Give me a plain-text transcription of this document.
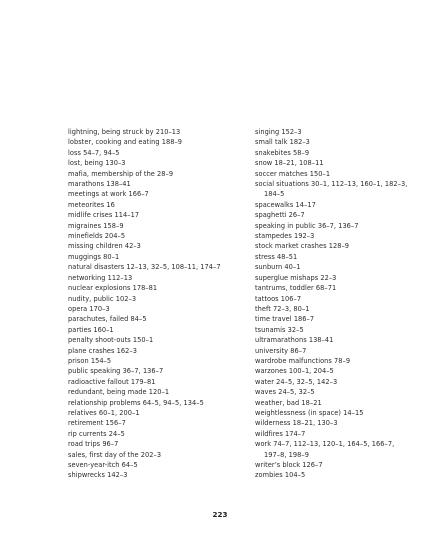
lightning, being struck by 210–13
lobster, cooking and eating 188–9
loss 54–7, 94–5
lost, being 130–3
mafia, membership of the 28–9
marathons 138–41
meetings at work 166–7
meteorites 16
midlife crises 114–17
migraines 158–9
minefields 204–5
missing children 42–3
muggings 80–1
natural disasters 12–13, 32–5, 108–11, 174–7
networking 112–13
nuclear explosions 178–81
nudity, public 102–3
opera 170–3
parachutes, failed 84–5
parties 160–1
penalty shoot-outs 150–1
plane crashes 162–3
prison 154–5
public speaking 36–7, 136–7
radioactive fallout 179–81
redundant, being made 120–1
relationship problems 64–5, 94–5, 134–5
relatives 60–1, 200–1
retirement 156–7
rip currents 24–5
road trips 96–7
sales, first day of the 202–3
seven-year-itch 64–5
shipwrecks 142–3
singing 152–3
small talk 182–3
snakebites 58–9
snow 18–21, 108–11
soccer matches 150–1
social situations 30–1, 112–13, 160–1, 182–3,
184–5
spacewalks 14–17
spaghetti 26–7
speaking in public 36–7, 136–7
stampedes 192–3
stock market crashes 128–9
stress 48–51
sunburn 40–1
superglue mishaps 22–3
tantrums, toddler 68–71
tattoos 106–7
theft 72–3, 80–1
time travel 186–7
tsunamis 32–5
ultramarathons 138–41
university 86–7
wardrobe malfunctions 78–9
warzones 100–1, 204–5
water 24–5, 32–5, 142–3
waves 24–5, 32–5
weather, bad 18–21
weightlessness (in space) 14–15
wilderness 18–21, 130–3
wildfires 174–7
work 74–7, 112–13, 120–1, 164–5, 166–7,
197–8, 198–9
writer’s block 126–7
zombies 104–5
223
